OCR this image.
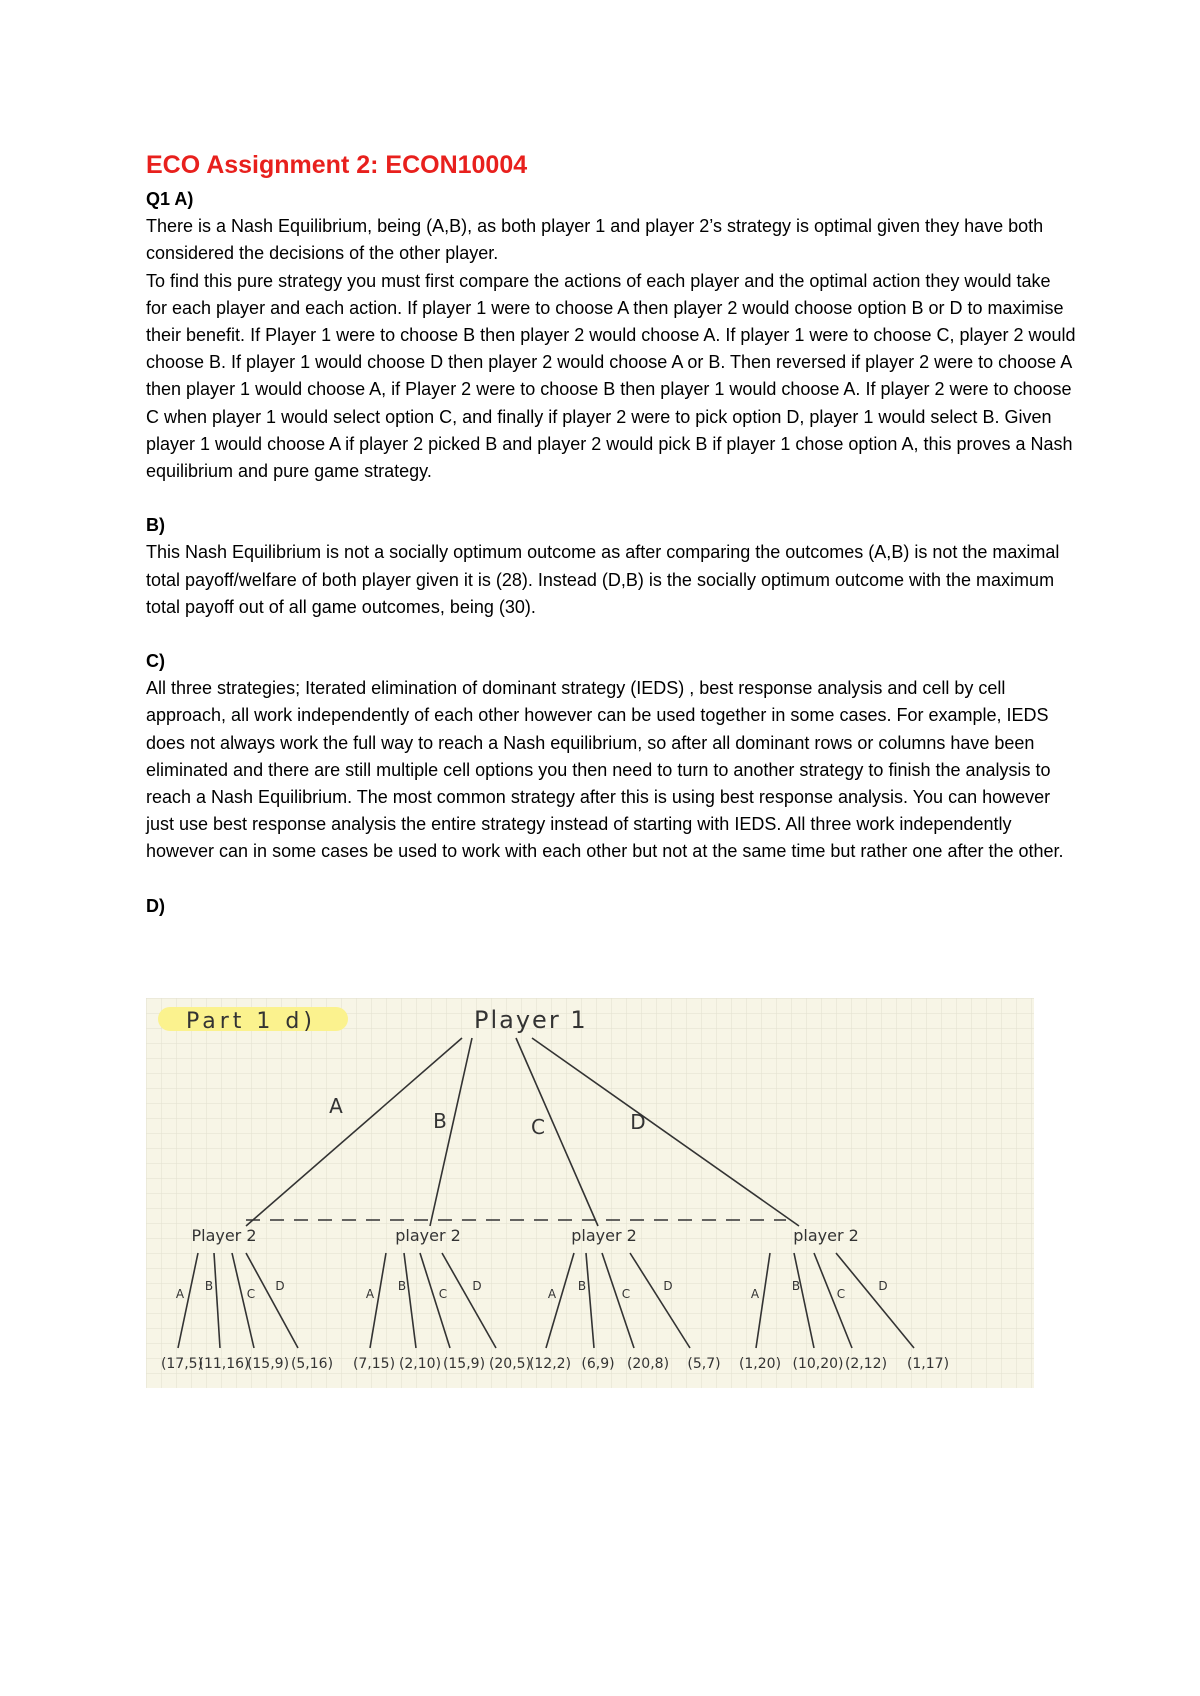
ECO Assignment 2: ECON10004

Q1 A)

There is a Nash Equilibrium, being (A,B), as both player 1 and player 2’s strategy is optimal given they have both considered the decisions of the other player.

To find this pure strategy you must first compare the actions of each player and the optimal action they would take for each player and each action. If player 1 were to choose A then player 2 would choose option B or D to maximise their benefit. If Player 1 were to choose B then player 2 would choose A. If player 1 were to choose C, player 2 would choose B. If player 1 would choose D then player 2 would choose A or B. Then reversed if player 2 were to choose A then player 1 would choose A, if Player 2 were to choose B then player 1 would choose A. If player 2 were to choose C when player 1 would select option C, and finally if player 2 were to pick option D, player 1 would select B. Given player 1 would choose A if player 2 picked B and player 2 would pick B if player 1 chose option A, this proves a Nash equilibrium and pure game strategy.

B)

This Nash Equilibrium is not a socially optimum outcome as after comparing the outcomes (A,B) is not the maximal total payoff/welfare of both player given it is (28). Instead (D,B) is the socially optimum outcome with the maximum total payoff out of all game outcomes, being (30).

C)

All three strategies; Iterated elimination of dominant strategy (IEDS) , best response analysis and cell by cell approach, all work independently of each other however can be used together in some cases. For example, IEDS does not always work the full way to reach a Nash equilibrium, so after all dominant rows or columns have been eliminated and there are still multiple cell options you then need to turn to another strategy to finish the analysis to reach a Nash Equilibrium. The most common strategy after this is using best response analysis. You can however just use best response analysis the entire strategy instead of starting with IEDS. All three work independently however can in some cases be used to work with each other but not at the same time but rather one after the other.

D)

Part 1 d)	Player 1
A
B	C	D
Player 2
A
(17,5)
B
(11,16)
C
(15,9)
D
(5,16)
player 2
A
(7,15)
B
(2,10)
C
(15,9)
D
(20,5)
player 2
A
(12,2)
B
(6,9)
C
(20,8)
D
(5,7)
player 2
A
(1,20)
B
(10,20)
C
(2,12)
D
(1,17)
